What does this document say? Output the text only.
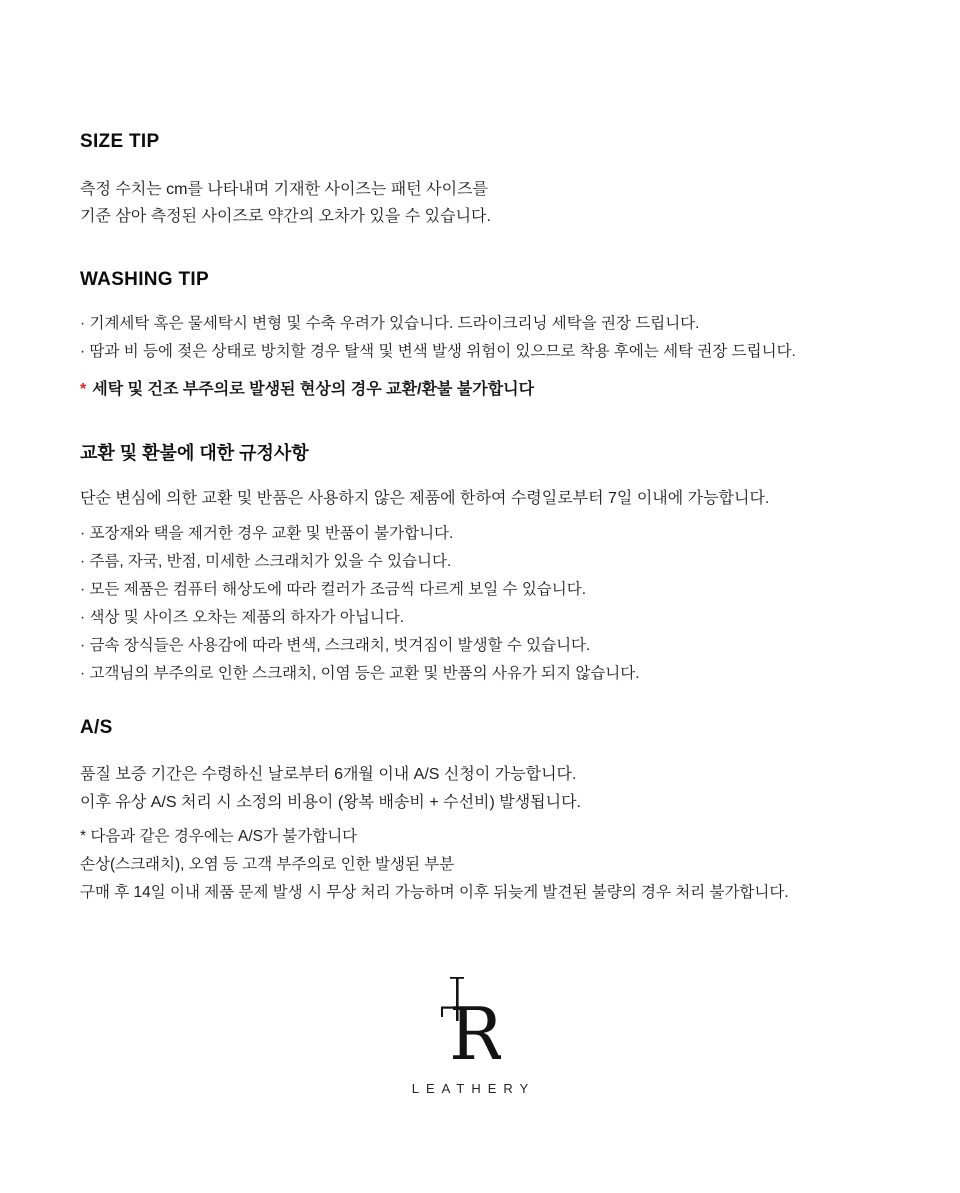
SIZE TIP
측정 수치는 cm를 나타내며 기재한 사이즈는 패턴 사이즈를
기준 삼아 측정된 사이즈로 약간의 오차가 있을 수 있습니다.
WASHING TIP
· 기계세탁 혹은 물세탁시 변형 및 수축 우려가 있습니다. 드라이크리닝 세탁을 권장 드립니다.
· 땀과 비 등에 젖은 상태로 방치할 경우 탈색 및 변색 발생 위험이 있으므로 착용 후에는 세탁 권장 드립니다.
* 세탁 및 건조 부주의로 발생된 현상의 경우 교환/환불 불가합니다
교환 및 환불에 대한 규정사항
단순 변심에 의한 교환 및 반품은 사용하지 않은 제품에 한하여 수령일로부터 7일 이내에 가능합니다.
· 포장재와 택을 제거한 경우 교환 및 반품이 불가합니다.
· 주름, 자국, 반점, 미세한 스크래치가 있을 수 있습니다.
· 모든 제품은 컴퓨터 해상도에 따라 컬러가 조금씩 다르게 보일 수 있습니다.
· 색상 및 사이즈 오차는 제품의 하자가 아닙니다.
· 금속 장식들은 사용감에 따라 변색, 스크래치, 벗겨짐이 발생할 수 있습니다.
· 고객님의 부주의로 인한 스크래치, 이염 등은 교환 및 반품의 사유가 되지 않습니다.
A/S
품질 보증 기간은 수령하신 날로부터 6개월 이내 A/S 신청이 가능합니다.
이후 유상 A/S 처리 시 소정의 비용이 (왕복 배송비 + 수선비) 발생됩니다.
* 다음과 같은 경우에는 A/S가 불가합니다
손상(스크래치), 오염 등 고객 부주의로 인한 발생된 부분
구매 후 14일 이내 제품 문제 발생 시 무상 처리 가능하며 이후 뒤늦게 발견된 불량의 경우 처리 불가합니다.
R
LEATHERY
